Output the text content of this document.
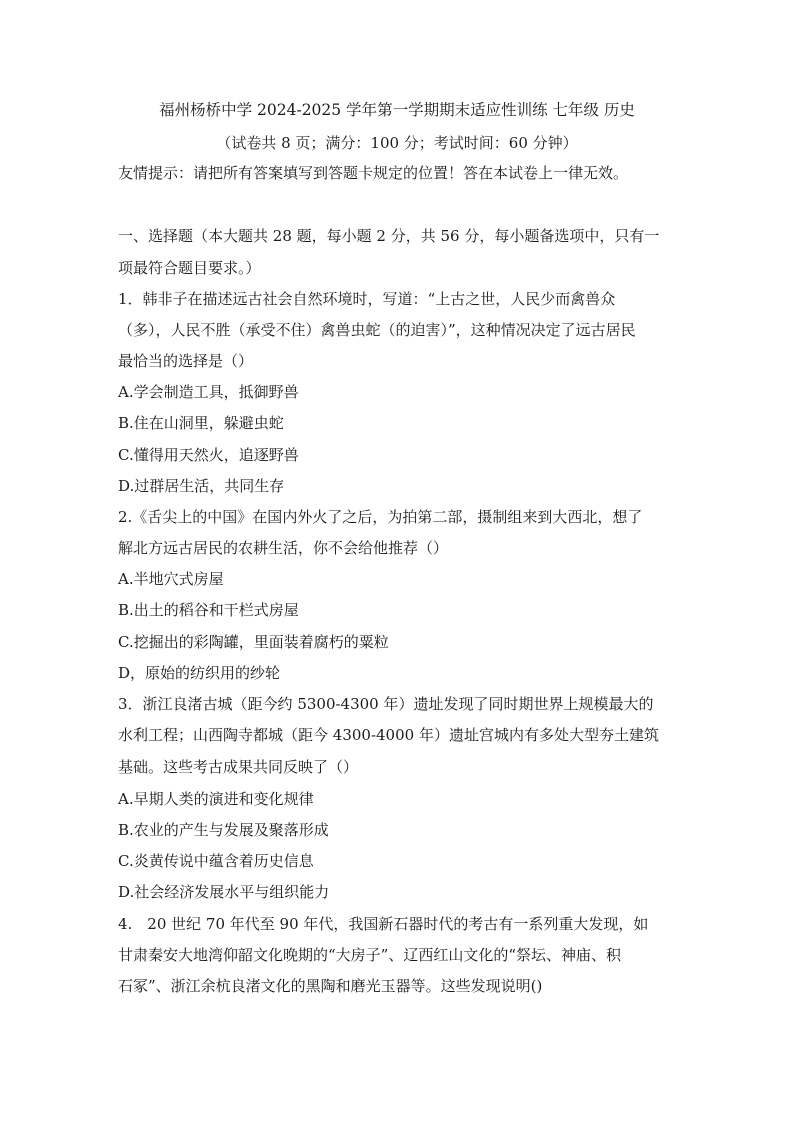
福州杨桥中学 2024-2025 学年第一学期期末适应性训练 七年级 历史
（试卷共 8 页；满分：100 分；考试时间：60 分钟）
友情提示：请把所有答案填写到答题卡规定的位置！答在本试卷上一律无效。
一、选择题（本大题共 28 题，每小题 2 分，共 56 分，每小题备选项中，只有一
项最符合题目要求。）
1．韩非子在描述远古社会自然环境时，写道：“上古之世，人民少而禽兽众
（多），人民不胜（承受不住）禽兽虫蛇（的迫害）”，这种情况决定了远古居民
最恰当的选择是（）
A.学会制造工具，抵御野兽
B.住在山洞里，躲避虫蛇
C.懂得用天然火，追逐野兽
D.过群居生活，共同生存
2.《舌尖上的中国》在国内外火了之后，为拍第二部，摄制组来到大西北，想了
解北方远古居民的农耕生活，你不会给他推荐（）
A.半地穴式房屋
B.出土的稻谷和干栏式房屋
C.挖掘出的彩陶罐，里面装着腐朽的粟粒
D，原始的纺织用的纱轮
3．浙江良渚古城（距今约 5300-4300 年）遗址发现了同时期世界上规模最大的
水利工程；山西陶寺都城（距今 4300-4000 年）遗址宫城内有多处大型夯土建筑
基础。这些考古成果共同反映了（）
A.早期人类的演进和变化规律
B.农业的产生与发展及聚落形成
C.炎黄传说中蕴含着历史信息
D.社会经济发展水平与组织能力
4.　20 世纪 70 年代至 90 年代，我国新石器时代的考古有一系列重大发现，如
甘肃秦安大地湾仰韶文化晚期的“大房子”、辽西红山文化的“祭坛、神庙、积
石冢”、浙江余杭良渚文化的黑陶和磨光玉器等。这些发现说明()
